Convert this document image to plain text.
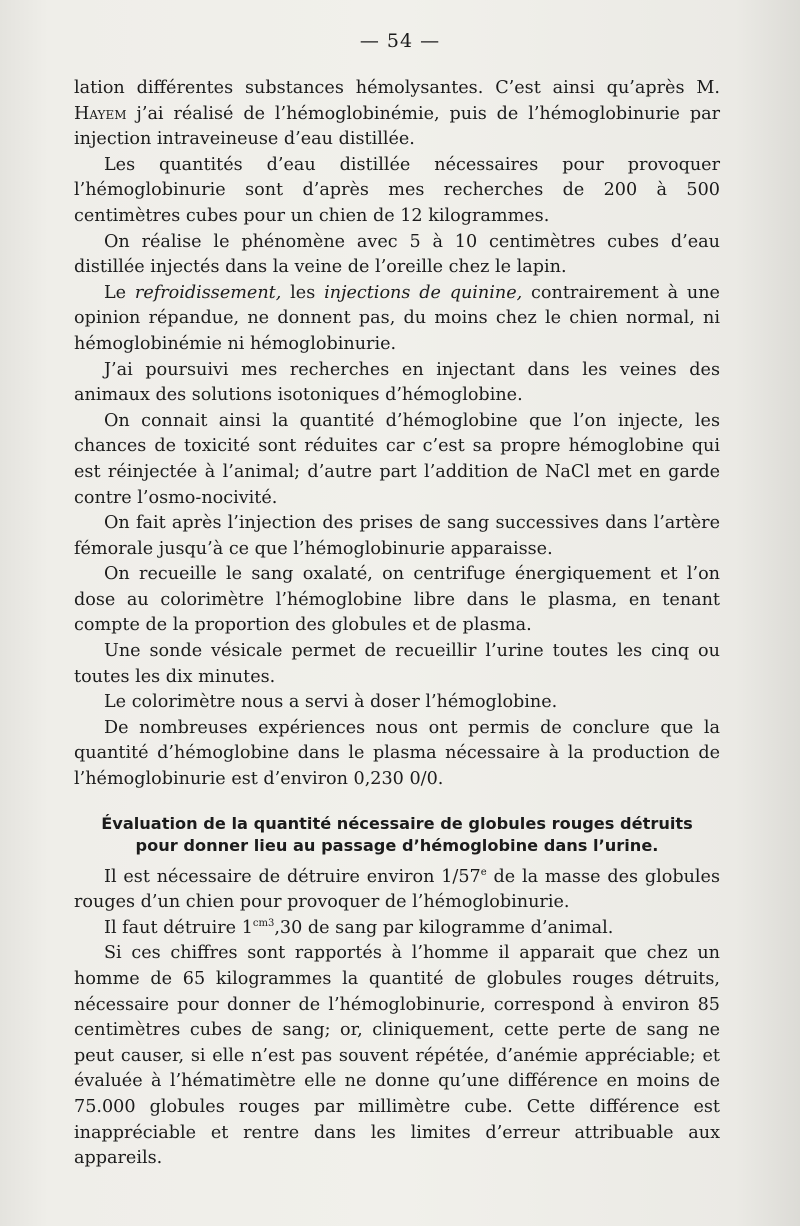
— 54 —

lation différentes substances hémolysantes. C’est ainsi qu’après M. Hayem j’ai réalisé de l’hémoglobinémie, puis de l’hémoglobinurie par injection intraveineuse d’eau distillée.

Les quantités d’eau distillée nécessaires pour provoquer l’hémoglobinurie sont d’après mes recherches de 200 à 500 centimètres cubes pour un chien de 12 kilogrammes.

On réalise le phénomène avec 5 à 10 centimètres cubes d’eau distillée injectés dans la veine de l’oreille chez le lapin.

Le refroidissement, les injections de quinine, contrairement à une opinion répandue, ne donnent pas, du moins chez le chien normal, ni hémoglobinémie ni hémoglobinurie.

J’ai poursuivi mes recherches en injectant dans les veines des animaux des solutions isotoniques d’hémoglobine.

On connait ainsi la quantité d’hémoglobine que l’on injecte, les chances de toxicité sont réduites car c’est sa propre hémoglobine qui est réinjectée à l’animal; d’autre part l’addition de NaCl met en garde contre l’osmo-nocivité.

On fait après l’injection des prises de sang successives dans l’artère fémorale jusqu’à ce que l’hémoglobinurie apparaisse.

On recueille le sang oxalaté, on centrifuge énergiquement et l’on dose au colorimètre l’hémoglobine libre dans le plasma, en tenant compte de la proportion des globules et de plasma.

Une sonde vésicale permet de recueillir l’urine toutes les cinq ou toutes les dix minutes.

Le colorimètre nous a servi à doser l’hémoglobine.

De nombreuses expériences nous ont permis de conclure que la quantité d’hémoglobine dans le plasma nécessaire à la production de l’hémoglobinurie est d’environ 0,230 0/0.

Évaluation de la quantité nécessaire de globules rouges détruits
pour donner lieu au passage d’hémoglobine dans l’urine.

Il est nécessaire de détruire environ 1/57e de la masse des globules rouges d’un chien pour provoquer de l’hémoglobinurie.

Il faut détruire $1^{cm3},30$ de sang par kilogramme d’animal.

Si ces chiffres sont rapportés à l’homme il apparait que chez un homme de 65 kilogrammes la quantité de globules rouges détruits, nécessaire pour donner de l’hémoglobinurie, correspond à environ 85 centimètres cubes de sang; or, cliniquement, cette perte de sang ne peut causer, si elle n’est pas souvent répétée, d’anémie appréciable; et évaluée à l’hématimètre elle ne donne qu’une différence en moins de 75.000 globules rouges par millimètre cube. Cette différence est inappréciable et rentre dans les limites d’erreur attribuable aux appareils.
